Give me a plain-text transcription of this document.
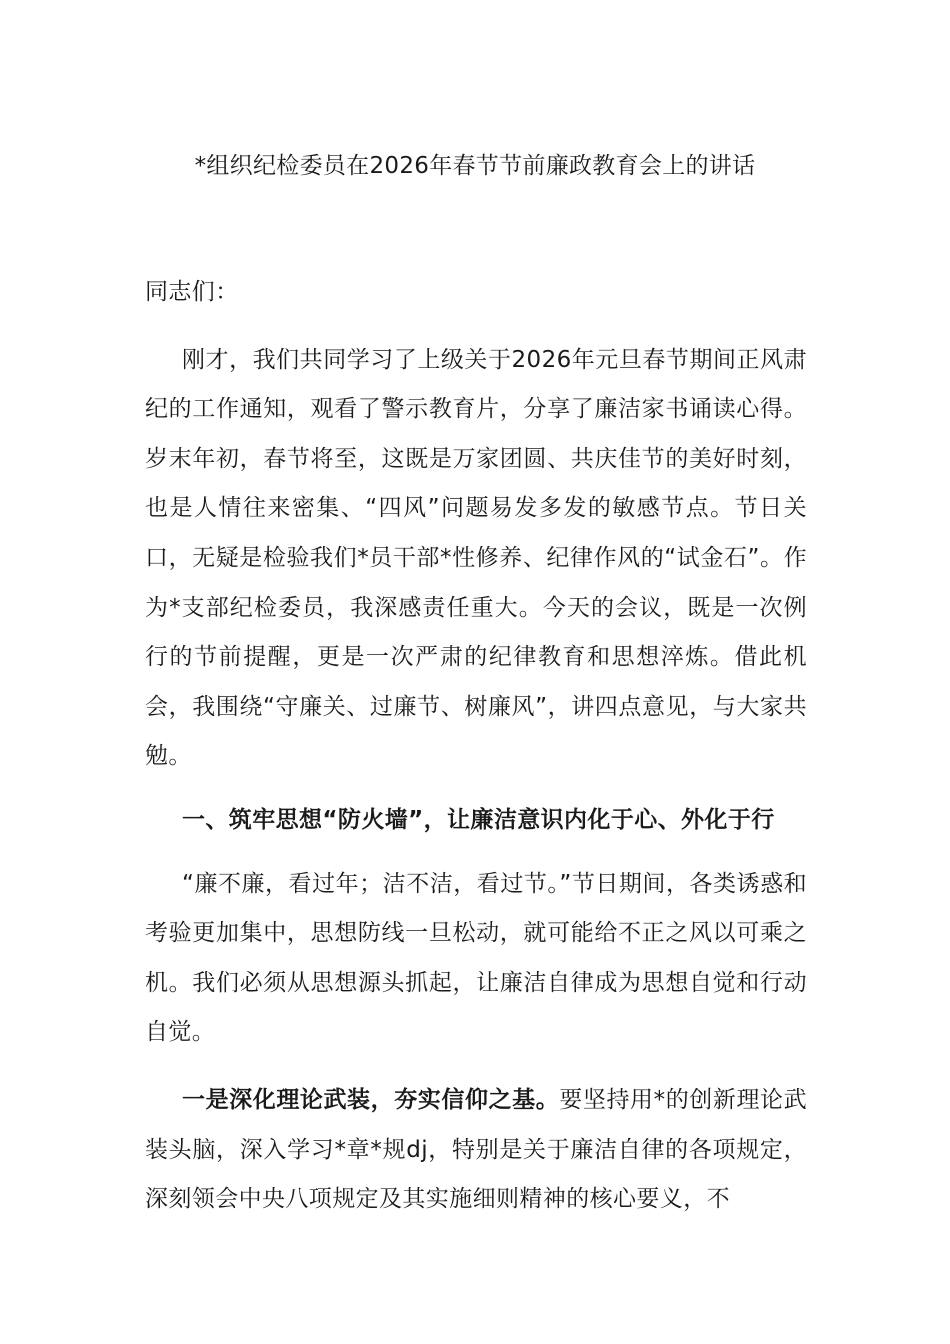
*组织纪检委员在2026年春节节前廉政教育会上的讲话

同志们：

刚才，我们共同学习了上级关于2026年元旦春节期间正风肃纪的工作通知，观看了警示教育片，分享了廉洁家书诵读心得。岁末年初，春节将至，这既是万家团圆、共庆佳节的美好时刻，也是人情往来密集、“四风”问题易发多发的敏感节点。节日关口，无疑是检验我们*员干部*性修养、纪律作风的“试金石”。作为*支部纪检委员，我深感责任重大。今天的会议，既是一次例行的节前提醒，更是一次严肃的纪律教育和思想淬炼。借此机会，我围绕“守廉关、过廉节、树廉风”，讲四点意见，与大家共勉。

一、筑牢思想“防火墙”，让廉洁意识内化于心、外化于行

“廉不廉，看过年；洁不洁，看过节。”节日期间，各类诱惑和考验更加集中，思想防线一旦松动，就可能给不正之风以可乘之机。我们必须从思想源头抓起，让廉洁自律成为思想自觉和行动自觉。

一是深化理论武装，夯实信仰之基。要坚持用*的创新理论武装头脑，深入学习*章*规dj，特别是关于廉洁自律的各项规定，深刻领会中央八项规定及其实施细则精神的核心要义，不
